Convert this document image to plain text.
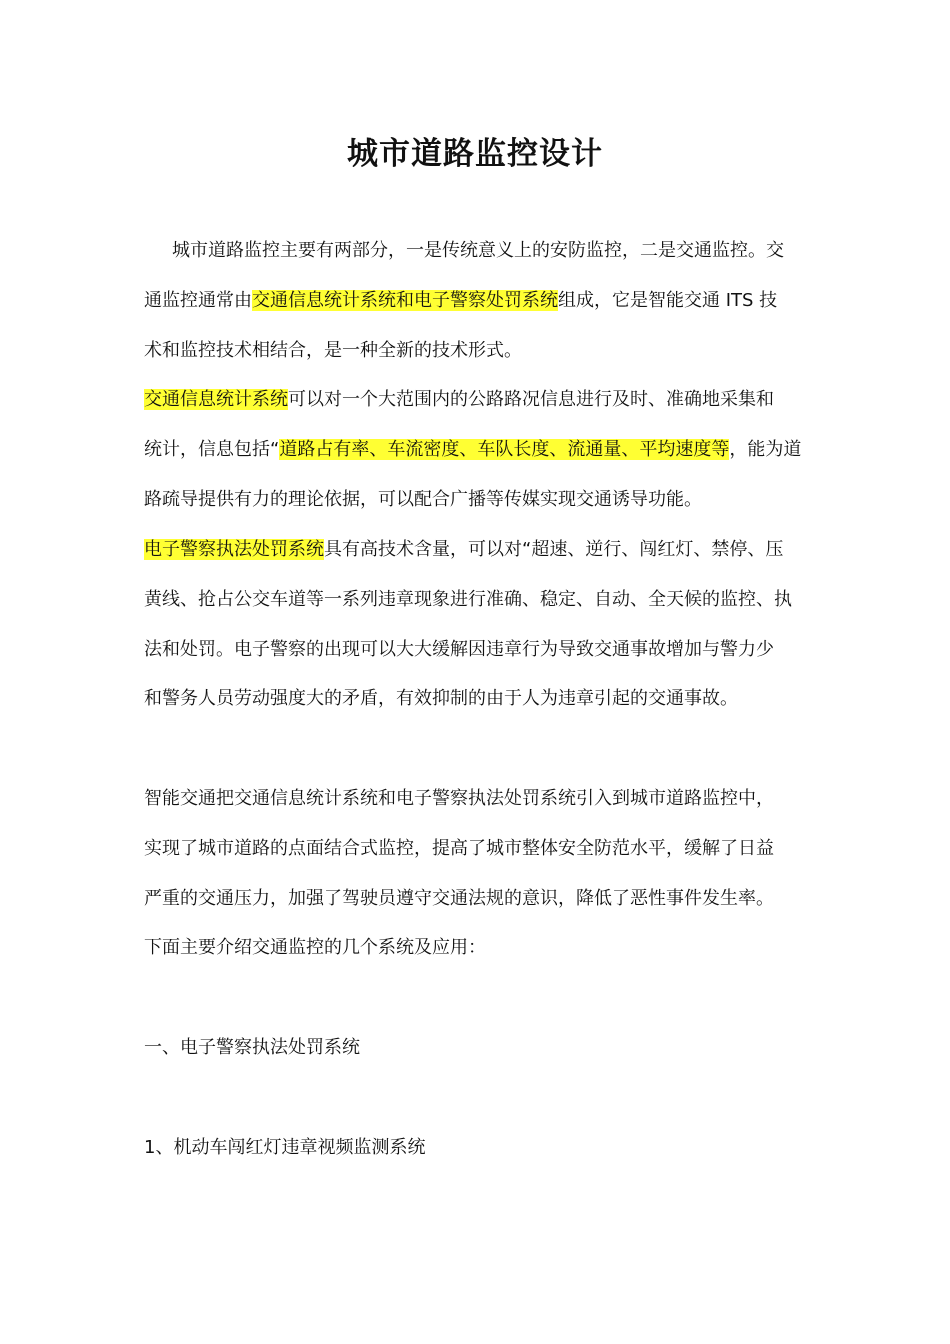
城市道路监控设计

城市道路监控主要有两部分，一是传统意义上的安防监控，二是交通监控。交

通监控通常由交通信息统计系统和电子警察处罚系统组成，它是智能交通 ITS 技

术和监控技术相结合，是一种全新的技术形式。

交通信息统计系统可以对一个大范围内的公路路况信息进行及时、准确地采集和

统计，信息包括“道路占有率、车流密度、车队长度、流通量、平均速度等，能为道

路疏导提供有力的理论依据，可以配合广播等传媒实现交通诱导功能。

电子警察执法处罚系统具有高技术含量，可以对“超速、逆行、闯红灯、禁停、压

黄线、抢占公交车道等一系列违章现象进行准确、稳定、自动、全天候的监控、执

法和处罚。电子警察的出现可以大大缓解因违章行为导致交通事故增加与警力少

和警务人员劳动强度大的矛盾，有效抑制的由于人为违章引起的交通事故。

智能交通把交通信息统计系统和电子警察执法处罚系统引入到城市道路监控中，

实现了城市道路的点面结合式监控，提高了城市整体安全防范水平，缓解了日益

严重的交通压力，加强了驾驶员遵守交通法规的意识，降低了恶性事件发生率。

下面主要介绍交通监控的几个系统及应用：

一、电子警察执法处罚系统

1、机动车闯红灯违章视频监测系统
